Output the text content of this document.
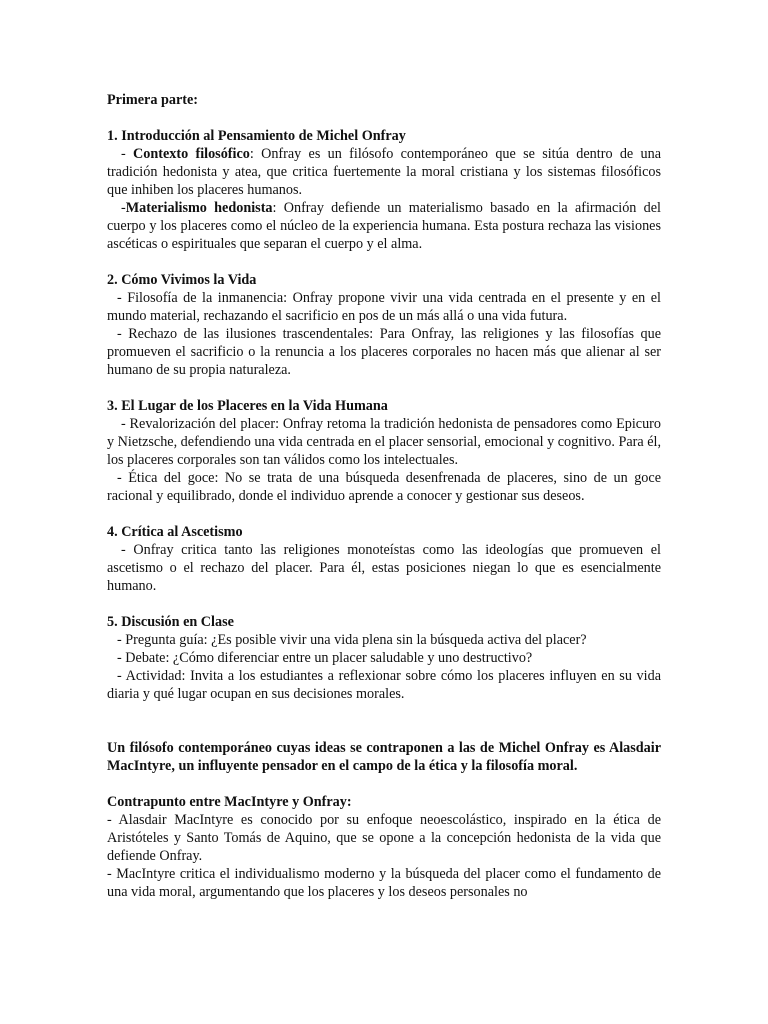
Primera parte:

1. Introducción al Pensamiento de Michel Onfray

- Contexto filosófico: Onfray es un filósofo contemporáneo que se sitúa dentro de una tradición hedonista y atea, que critica fuertemente la moral cristiana y los sistemas filosóficos que inhiben los placeres humanos.

-Materialismo hedonista: Onfray defiende un materialismo basado en la afirmación del cuerpo y los placeres como el núcleo de la experiencia humana. Esta postura rechaza las visiones ascéticas o espirituales que separan el cuerpo y el alma.

2. Cómo Vivimos la Vida

- Filosofía de la inmanencia: Onfray propone vivir una vida centrada en el presente y en el mundo material, rechazando el sacrificio en pos de un más allá o una vida futura.

- Rechazo de las ilusiones trascendentales: Para Onfray, las religiones y las filosofías que promueven el sacrificio o la renuncia a los placeres corporales no hacen más que alienar al ser humano de su propia naturaleza.

3. El Lugar de los Placeres en la Vida Humana

- Revalorización del placer: Onfray retoma la tradición hedonista de pensadores como Epicuro y Nietzsche, defendiendo una vida centrada en el placer sensorial, emocional y cognitivo. Para él, los placeres corporales son tan válidos como los intelectuales.

- Ética del goce: No se trata de una búsqueda desenfrenada de placeres, sino de un goce racional y equilibrado, donde el individuo aprende a conocer y gestionar sus deseos.

4. Crítica al Ascetismo

- Onfray critica tanto las religiones monoteístas como las ideologías que promueven el ascetismo o el rechazo del placer. Para él, estas posiciones niegan lo que es esencialmente humano.

5. Discusión en Clase

- Pregunta guía: ¿Es posible vivir una vida plena sin la búsqueda activa del placer?

- Debate: ¿Cómo diferenciar entre un placer saludable y uno destructivo?

- Actividad: Invita a los estudiantes a reflexionar sobre cómo los placeres influyen en su vida diaria y qué lugar ocupan en sus decisiones morales.

Un filósofo contemporáneo cuyas ideas se contraponen a las de Michel Onfray es Alasdair MacIntyre, un influyente pensador en el campo de la ética y la filosofía moral.

Contrapunto entre MacIntyre y Onfray:

- Alasdair MacIntyre es conocido por su enfoque neoescolástico, inspirado en la ética de Aristóteles y Santo Tomás de Aquino, que se opone a la concepción hedonista de la vida que defiende Onfray.

- MacIntyre critica el individualismo moderno y la búsqueda del placer como el fundamento de una vida moral, argumentando que los placeres y los deseos personales no
